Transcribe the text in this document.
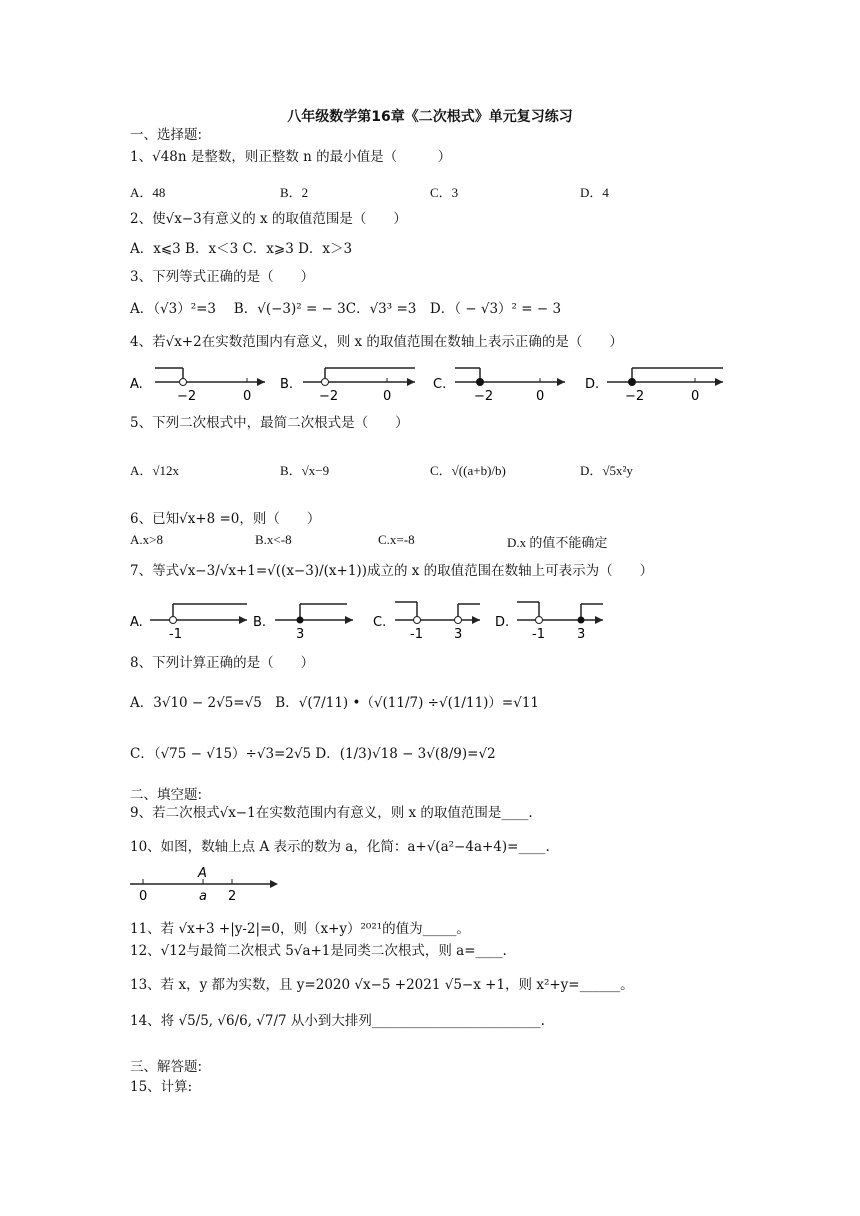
八年级数学第16章《二次根式》单元复习练习
一、选择题:
1、√48n 是整数，则正整数 n 的最小值是（　　　）
A．48	B．2	C．3	D．4
2、使√x−3有意义的 x 的取值范围是（　　）
A．x⩽3 B．x＜3 C．x⩾3 D．x＞3
3、下列等式正确的是（　　）
A．（√3）²=3　 B．√(−3)² = − 3C．√3³ =3　D．（ − √3）² = − 3
4、若√x+2在实数范围内有意义，则 x 的取值范围在数轴上表示正确的是（　　）
A.
−2	0
B.
−2	0
C.
−2	0
D.
−2	0
5、下列二次根式中，最简二次根式是（　　）
A．√12x	B．√x−9	C．√((a+b)/b)	D．√5x²y
6、已知√x+8 =0，则（　　）
A.x>8	B.x<-8	C.x=-8	D.x 的值不能确定
7、等式√x−3/√x+1=√((x−3)/(x+1))成立的 x 的取值范围在数轴上可表示为（　　）
A.
-1
B.
3
C.
-1 3
D.
-1 3
8、下列计算正确的是（　　）
A．3√10 − 2√5=√5　B．√(7/11) •（√(11/7) ÷√(1/11)）=√11
C．（√75 − √15）÷√3=2√5 D．(1/3)√18 − 3√(8/9)=√2
二、填空题:
9、若二次根式√x−1在实数范围内有意义，则 x 的取值范围是____.
10、如图，数轴上点 A 表示的数为 a，化简：a+√(a²−4a+4)=____.
0	2
A
a
11、若 √x+3 +|y-2|=0，则（x+y）²⁰²¹的值为_____。
12、√12与最简二次根式 5√a+1是同类二次根式，则 a=____.
13、若 x，y 都为实数，且 y=2020 √x−5 +2021 √5−x +1，则 x²+y=______。
14、将 √5/5, √6/6, √7/7 从小到大排列_________________________.
三、解答题:
15、计算:
